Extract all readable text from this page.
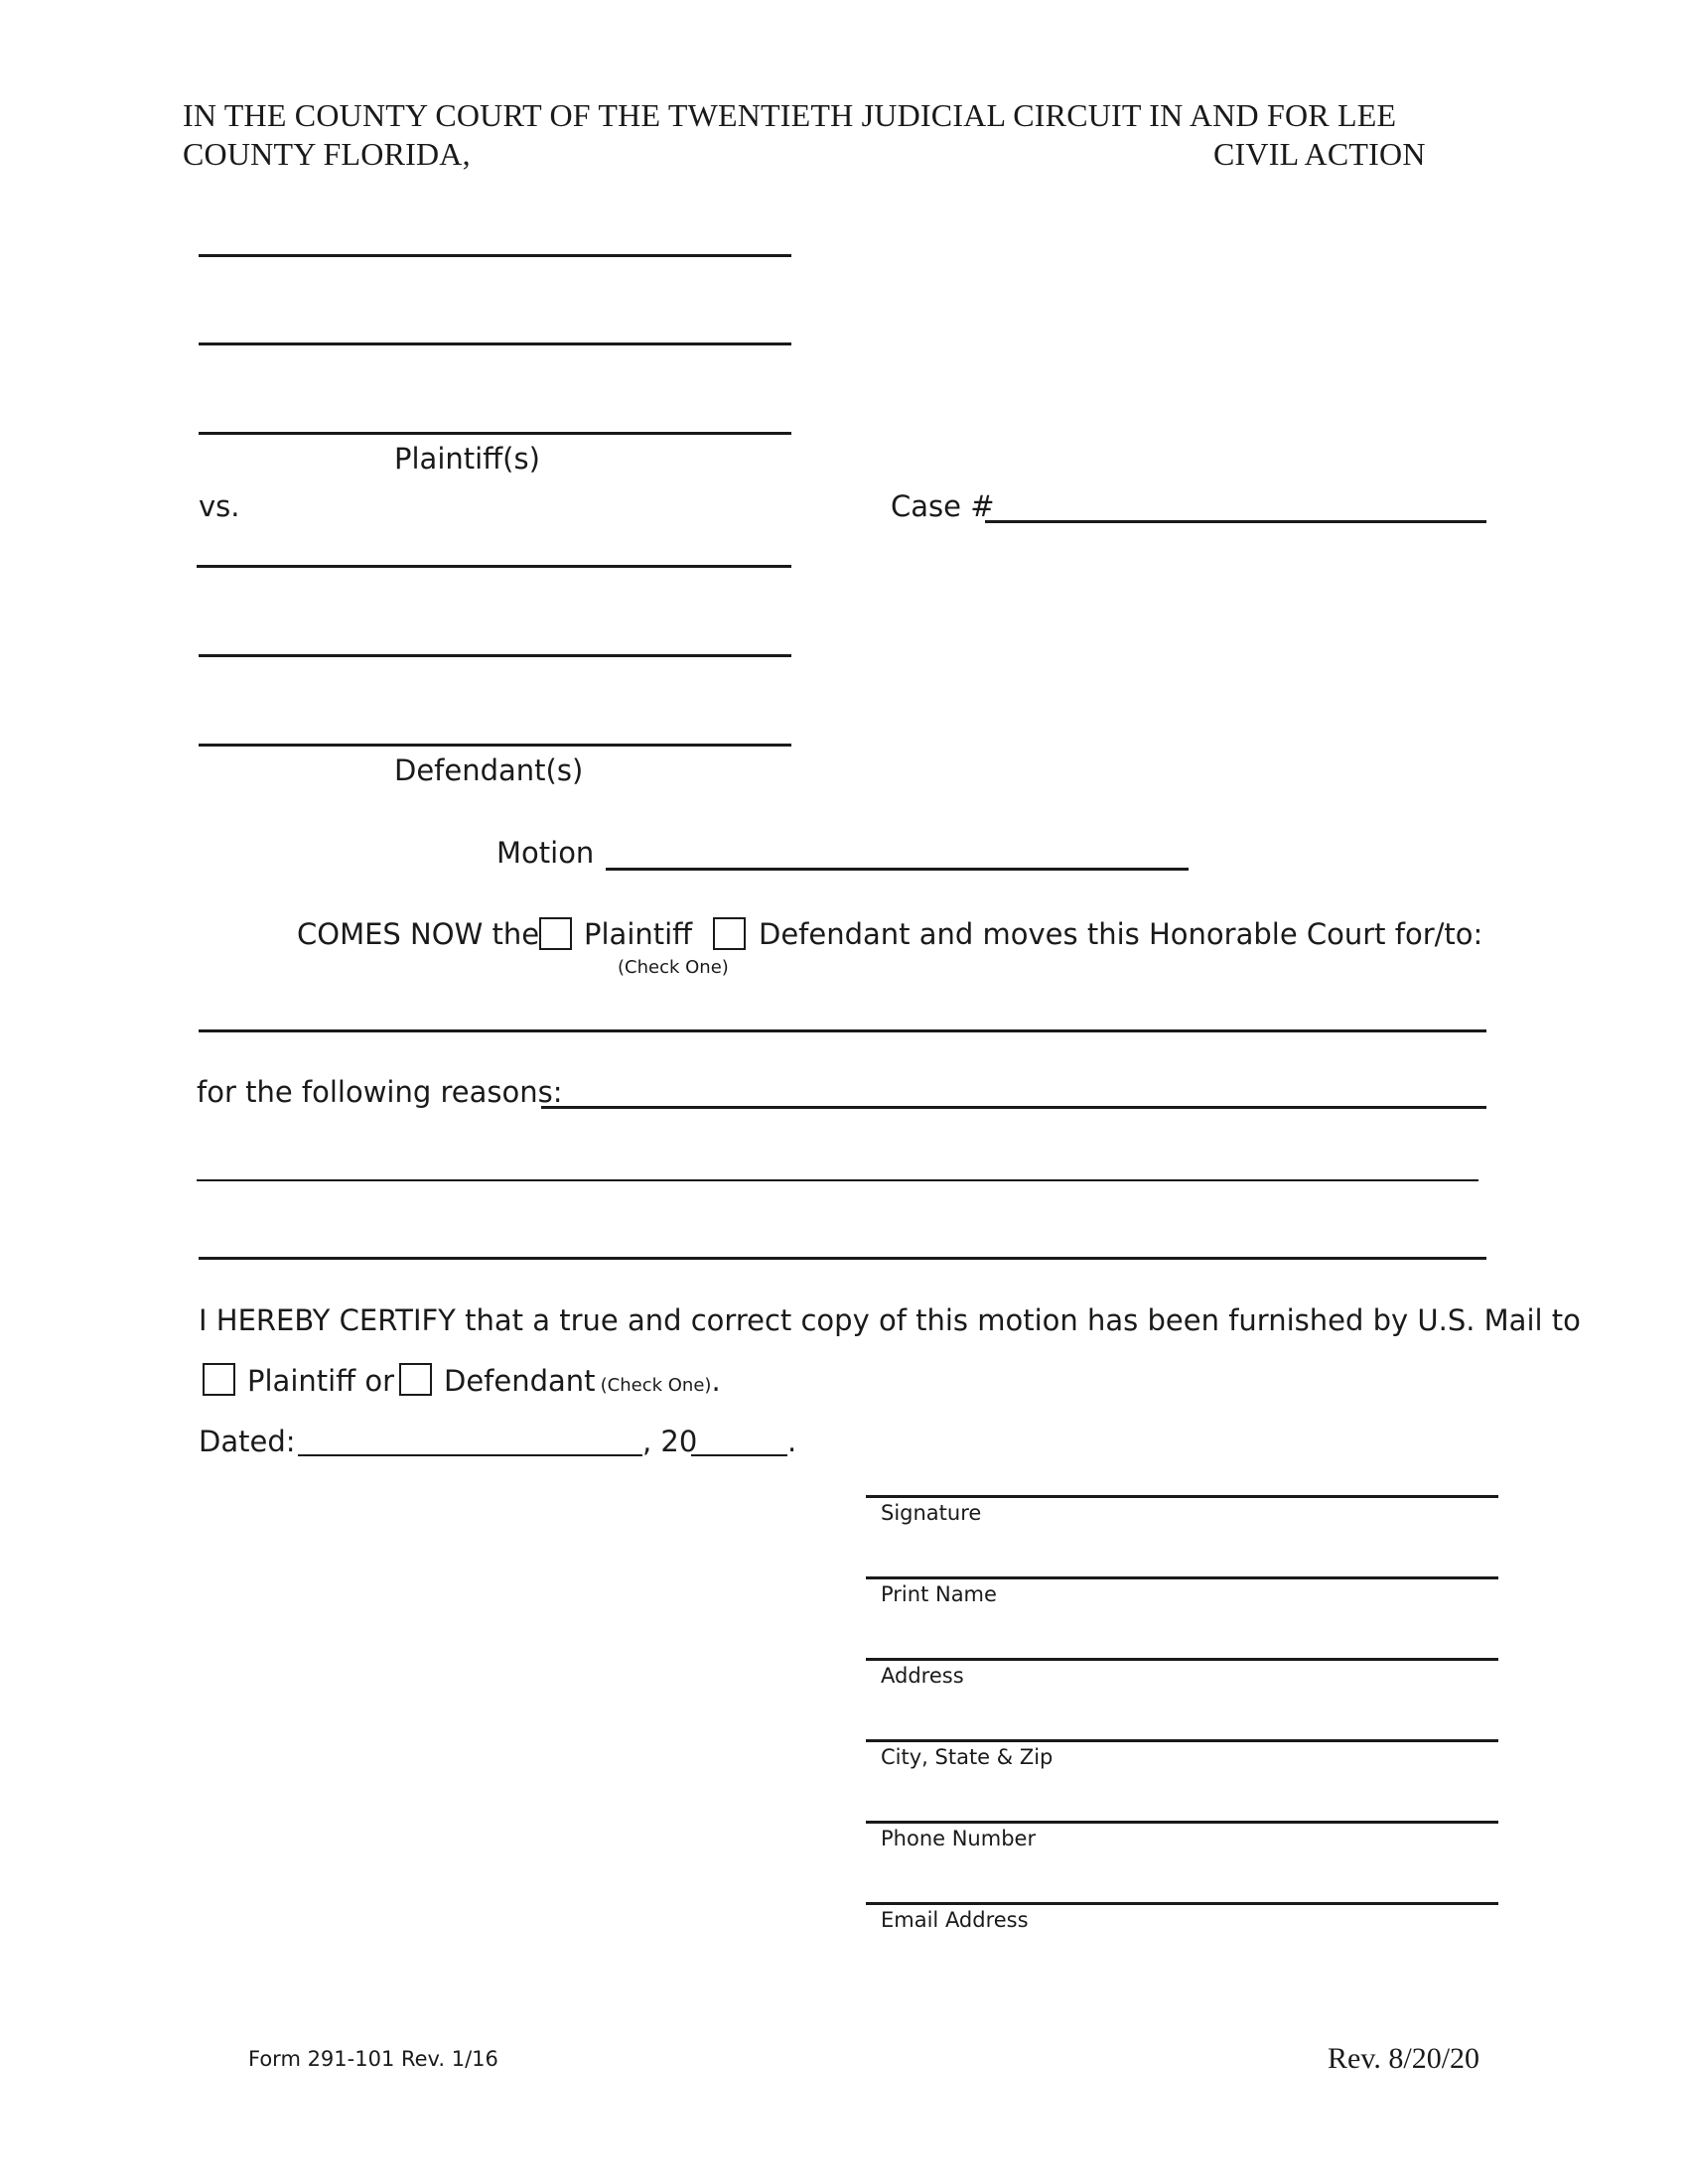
IN THE COUNTY COURT OF THE TWENTIETH JUDICIAL CIRCUIT IN AND FOR LEE
COUNTY FLORIDA,	CIVIL ACTION
Plaintiff(s)
vs.	Case #
Defendant(s)
Motion
COMES NOW the Plaintiff Defendant and moves this Honorable Court for/to:
(Check One)
for the following reasons:
I HEREBY CERTIFY that a true and correct copy of this motion has been furnished by U.S. Mail to
Plaintiff or Defendant (Check One).
Dated:	, 20	.
Signature
Print Name
Address
City, State & Zip
Phone Number
Email Address
Form 291-101 Rev. 1/16	Rev. 8/20/20
